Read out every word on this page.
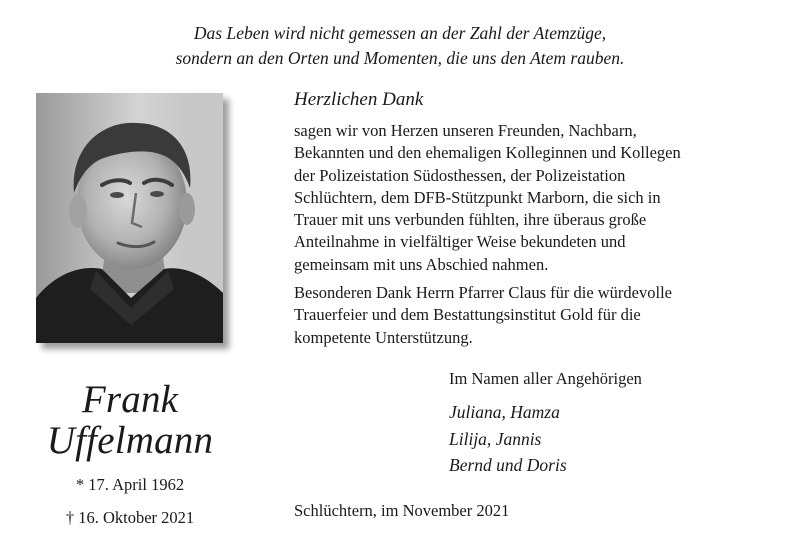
Das Leben wird nicht gemessen an der Zahl der Atemzüge,
sondern an den Orten und Momenten, die uns den Atem rauben.
Frank
Uffelmann
* 17. April 1962
† 16. Oktober 2021
Herzlichen Dank

sagen wir von Herzen unseren Freunden, Nachbarn,
Bekannten und den ehemaligen Kolleginnen und Kollegen
der Polizeistation Südosthessen, der Polizeistation
Schlüchtern, dem DFB-Stützpunkt Marborn, die sich in
Trauer mit uns verbunden fühlten, ihre überaus große
Anteilnahme in vielfältiger Weise bekundeten und
gemeinsam mit uns Abschied nahmen.

Besonderen Dank Herrn Pfarrer Claus für die würdevolle
Trauerfeier und dem Bestattungsinstitut Gold für die
kompetente Unterstützung.

Im Namen aller Angehörigen
Juliana, Hamza
Lilija, Jannis
Bernd und Doris
Schlüchtern, im November 2021
